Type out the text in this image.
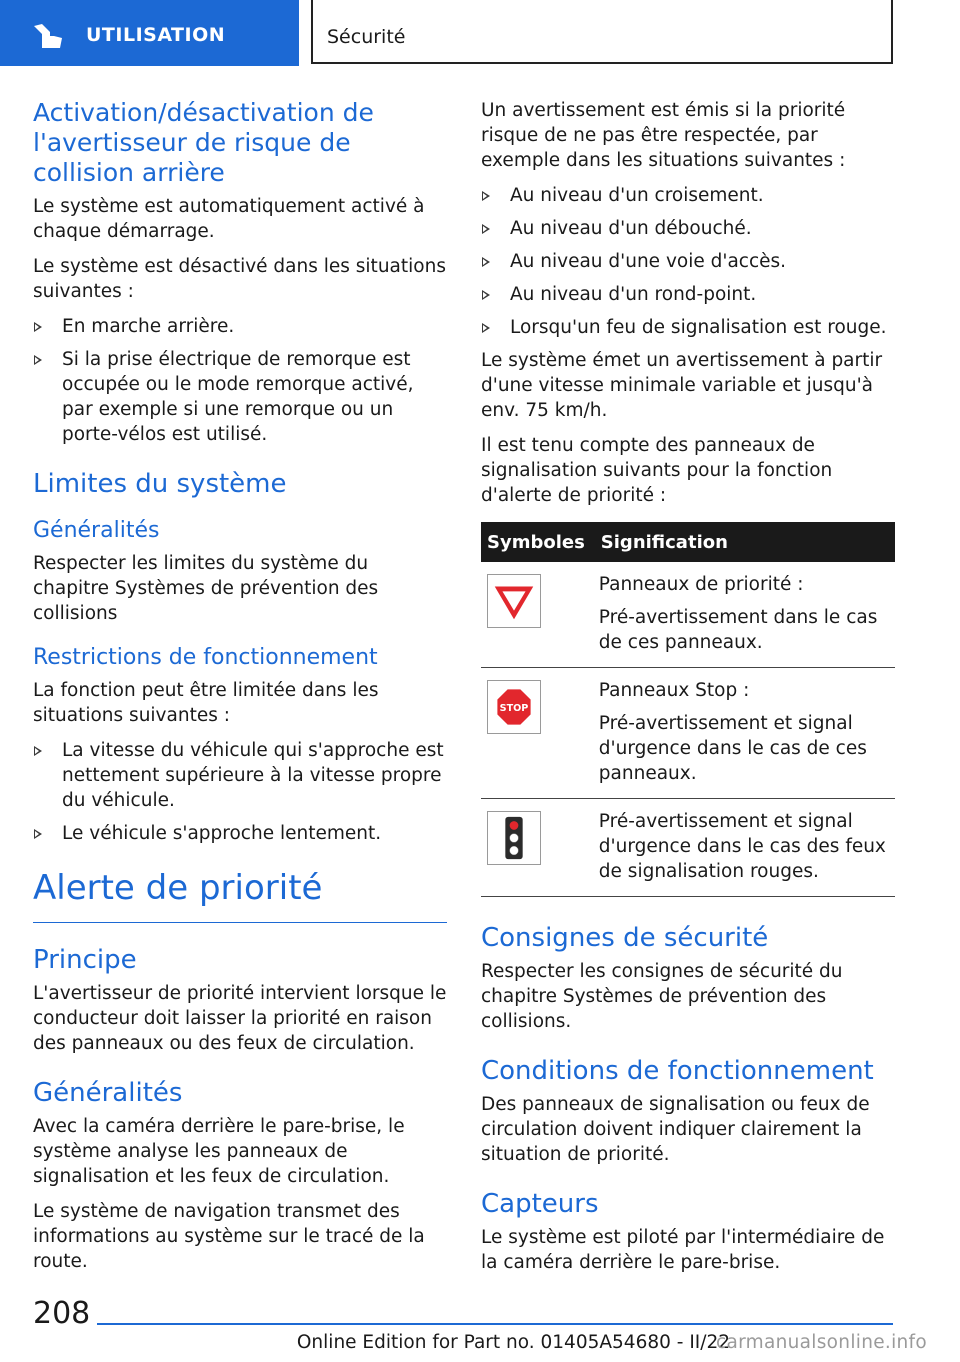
UTILISATION	Sécurité
Activation/désactivation de l'avertisseur de risque de collision arrière

Le système est automatiquement activé à chaque démarrage.

Le système est désactivé dans les situations suivantes :

En marche arrière.
Si la prise électrique de remorque est occupée ou le mode remorque activé, par exemple si une remorque ou un porte-vélos est utilisé.
Limites du système
Généralités

Respecter les limites du système du chapitre Systèmes de prévention des collisions

Restrictions de fonctionnement

La fonction peut être limitée dans les situations suivantes :

La vitesse du véhicule qui s'approche est nettement supérieure à la vitesse propre du véhicule.
Le véhicule s'approche lentement.
Alerte de priorité
Principe

L'avertisseur de priorité intervient lorsque le conducteur doit laisser la priorité en raison des panneaux ou des feux de circulation.

Généralités

Avec la caméra derrière le pare-brise, le système analyse les panneaux de signalisation et les feux de circulation.

Le système de navigation transmet des informations au système sur le tracé de la route.

Un avertissement est émis si la priorité risque de ne pas être respectée, par exemple dans les situations suivantes :

Au niveau d'un croisement.
Au niveau d'un débouché.
Au niveau d'une voie d'accès.
Au niveau d'un rond-point.
Lorsqu'un feu de signalisation est rouge.

Le système émet un avertissement à partir d'une vitesse minimale variable et jusqu'à env. 75 km/h.

Il est tenu compte des panneaux de signalisation suivants pour la fonction d'alerte de priorité :

Symboles	Signification

Panneaux de priorité :

Pré-avertissement dans le cas de ces panneaux.

STOP	Panneaux Stop :

Pré-avertissement et signal d'urgence dans le cas de ces panneaux.

Pré-avertissement et signal d'urgence dans le cas des feux de signalisation rouges.

Consignes de sécurité

Respecter les consignes de sécurité du chapitre Systèmes de prévention des collisions.

Conditions de fonctionnement

Des panneaux de signalisation ou feux de circulation doivent indiquer clairement la situation de priorité.

Capteurs

Le système est piloté par l'intermédiaire de la caméra derrière le pare-brise.

208
Online Edition for Part no. 01405A54680 - II/22
carmanualsonline.info
